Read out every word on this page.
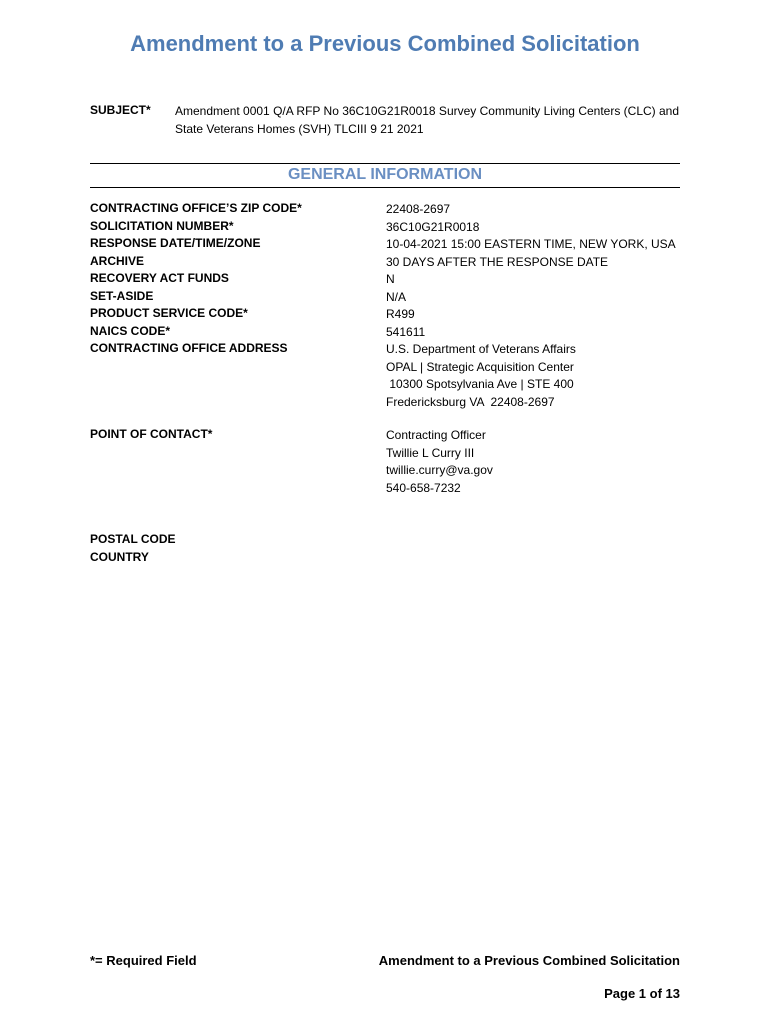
Amendment to a Previous Combined Solicitation
SUBJECT* Amendment 0001 Q/A RFP No 36C10G21R0018 Survey Community Living Centers (CLC) and
State Veterans Homes (SVH) TLCIII 9 21 2021
GENERAL INFORMATION
CONTRACTING OFFICE’S ZIP CODE*	22408-2697
SOLICITATION NUMBER*	36C10G21R0018
RESPONSE DATE/TIME/ZONE	10-04-2021 15:00 EASTERN TIME, NEW YORK, USA
ARCHIVE	30 DAYS AFTER THE RESPONSE DATE
RECOVERY ACT FUNDS	N
SET-ASIDE	N/A
PRODUCT SERVICE CODE*	R499
NAICS CODE*	541611
CONTRACTING OFFICE ADDRESS	U.S. Department of Veterans Affairs
OPAL | Strategic Acquisition Center
10300 Spotsylvania Ave | STE 400
Fredericksburg VA  22408-2697
POINT OF CONTACT*	Contracting Officer
Twillie L Curry III
twillie.curry@va.gov
540-658-7232
POSTAL CODE
COUNTRY
*= Required Field	Amendment to a Previous Combined Solicitation
Page 1 of 13
